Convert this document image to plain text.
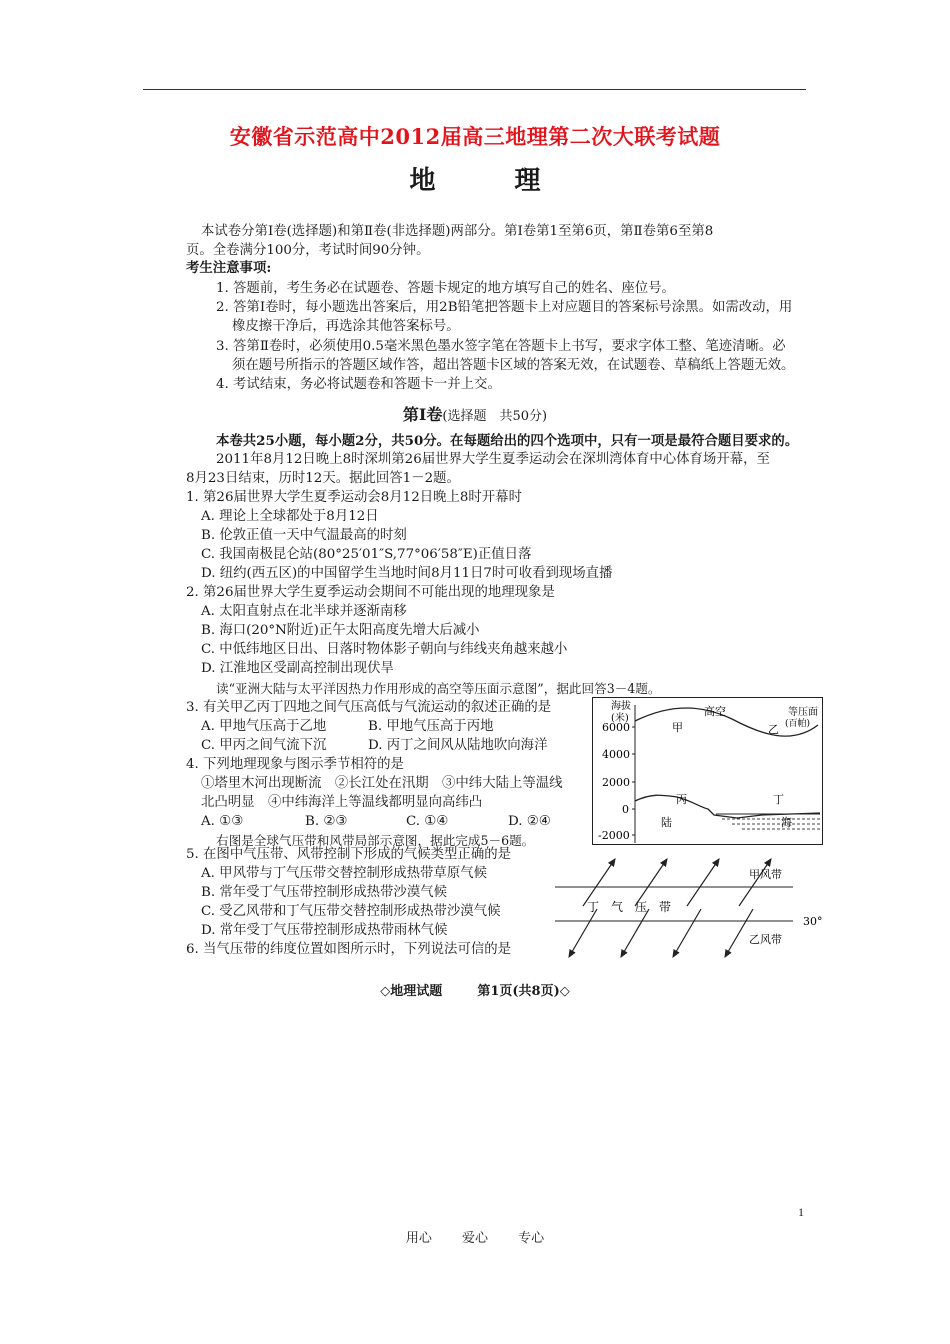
安徽省示范高中2012届高三地理第二次大联考试题
地 理
本试卷分第Ⅰ卷(选择题)和第Ⅱ卷(非选择题)两部分。第Ⅰ卷第1至第6页，第Ⅱ卷第6至第8
页。全卷满分100分，考试时间90分钟。
考生注意事项:
1. 答题前，考生务必在试题卷、答题卡规定的地方填写自己的姓名、座位号。
2. 答第Ⅰ卷时，每小题选出答案后，用2B铅笔把答题卡上对应题目的答案标号涂黑。如需改动，用
橡皮擦干净后，再选涂其他答案标号。
3. 答第Ⅱ卷时，必须使用0.5毫米黑色墨水签字笔在答题卡上书写，要求字体工整、笔迹清晰。必
须在题号所指示的答题区域作答，超出答题卡区域的答案无效，在试题卷、草稿纸上答题无效。
4. 考试结束，务必将试题卷和答题卡一并上交。
第Ⅰ卷(选择题　共50分)
本卷共25小题，每小题2分，共50分。在每题给出的四个选项中，只有一项是最符合题目要求的。
2011年8月12日晚上8时深圳第26届世界大学生夏季运动会在深圳湾体育中心体育场开幕，至
8月23日结束，历时12天。据此回答1－2题。
1. 第26届世界大学生夏季运动会8月12日晚上8时开幕时
A. 理论上全球都处于8月12日
B. 伦敦正值一天中气温最高的时刻
C. 我国南极昆仑站(80°25′01″S,77°06′58″E)正值日落
D. 纽约(西五区)的中国留学生当地时间8月11日7时可收看到现场直播
2. 第26届世界大学生夏季运动会期间不可能出现的地理现象是
A. 太阳直射点在北半球并逐渐南移
B. 海口(20°N附近)正午太阳高度先增大后减小
C. 中低纬地区日出、日落时物体影子朝向与纬线夹角越来越小
D. 江淮地区受副高控制出现伏旱
读“亚洲大陆与太平洋因热力作用形成的高空等压面示意图”，据此回答3－4题。
3. 有关甲乙丙丁四地之间气压高低与气流运动的叙述正确的是
A. 甲地气压高于乙地	B. 甲地气压高于丙地
C. 甲丙之间气流下沉	D. 丙丁之间风从陆地吹向海洋
4. 下列地理现象与图示季节相符的是
①塔里木河出现断流　②长江处在汛期　③中纬大陆上等温线
北凸明显　④中纬海洋上等温线都明显向高纬凸
A. ①③	B. ②③	C. ①④	D. ②④
右图是全球气压带和风带局部示意图，据此完成5－6题。
5. 在图中气压带、风带控制下形成的气候类型正确的是
A. 甲风带与丁气压带交替控制形成热带草原气候
B. 常年受丁气压带控制形成热带沙漠气候
C. 受乙风带和丁气压带交替控制形成热带沙漠气候
D. 常年受丁气压带控制形成热带雨林气候
6. 当气压带的纬度位置如图所示时，下列说法可信的是
海拔
(米)
6000
4000
2000
0
-2000
高空	等压面
(百帕)
甲	乙
丙	丁
陆	海
甲风带
丁　气　压　带
30°
乙风带
◇地理试题	第1页(共8页)◇
1
用心 爱心 专心
